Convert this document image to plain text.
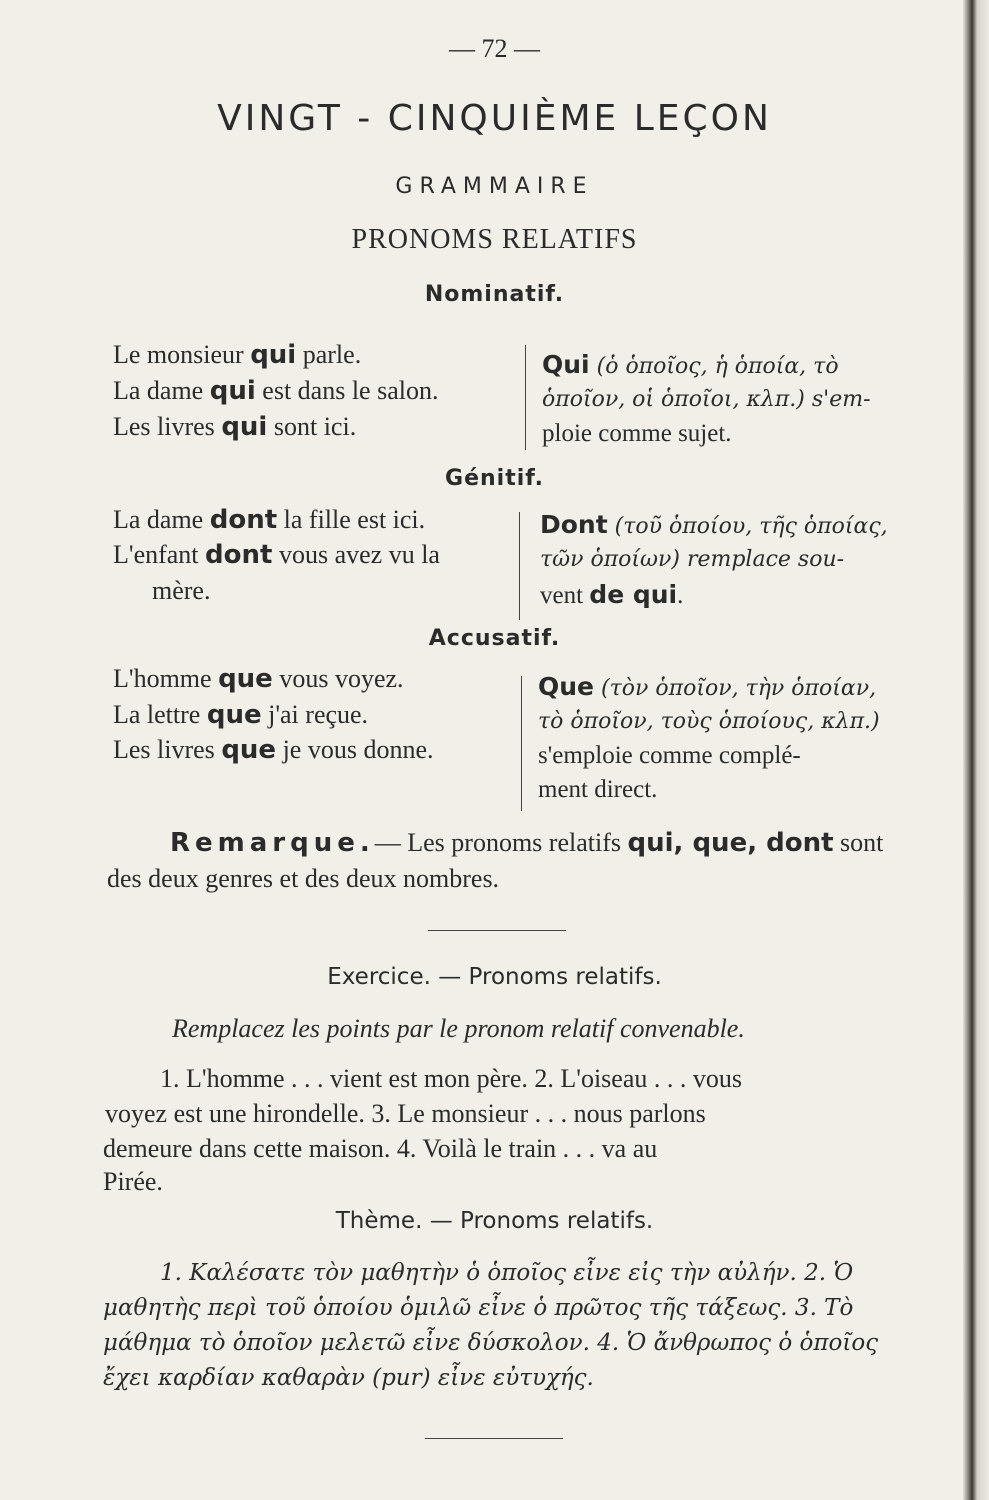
— 72 —
VINGT - CINQUIÈME LEÇON
GRAMMAIRE
PRONOMS RELATIFS
Nominatif.
Le monsieur qui parle.
La dame qui est dans le salon.
Les livres qui sont ici.
Qui (ὁ ὁποῖος, ἡ ὁποία, τὸ
ὁποῖον, οἱ ὁποῖοι, κλπ.) s'em-
ploie comme sujet.
Génitif.
La dame dont la fille est ici.
L'enfant dont vous avez vu la
mère.
Dont (τοῦ ὁποίου, τῆς ὁποίας,
τῶν ὁποίων) remplace sou-
vent de qui.
Accusatif.
L'homme que vous voyez.
La lettre que j'ai reçue.
Les livres que je vous donne.
Que (τὸν ὁποῖον, τὴν ὁποίαν,
τὸ ὁποῖον, τοὺς ὁποίους, κλπ.)
s'emploie comme complé-
ment direct.
Remarque.— Les pronoms relatifs qui, que, dont sont
des deux genres et des deux nombres.
Exercice. — Pronoms relatifs.
Remplacez les points par le pronom relatif convenable.
1. L'homme . . . vient est mon père. 2. L'oiseau . . . vous
voyez est une hirondelle. 3. Le monsieur . . . nous parlons
demeure dans cette maison. 4. Voilà le train . . . va au
Pirée.
Thème. — Pronoms relatifs.
1. Καλέσατε τὸν μαθητὴν ὁ ὁποῖος εἶνε εἰς τὴν αὐλήν. 2. Ὁ
μαθητὴς περὶ τοῦ ὁποίου ὁμιλῶ εἶνε ὁ πρῶτος τῆς τάξεως. 3. Τὸ
μάθημα τὸ ὁποῖον μελετῶ εἶνε δύσκολον. 4. Ὁ ἄνθρωπος ὁ ὁποῖος
ἔχει καρδίαν καθαρὰν (pur) εἶνε εὐτυχής.
